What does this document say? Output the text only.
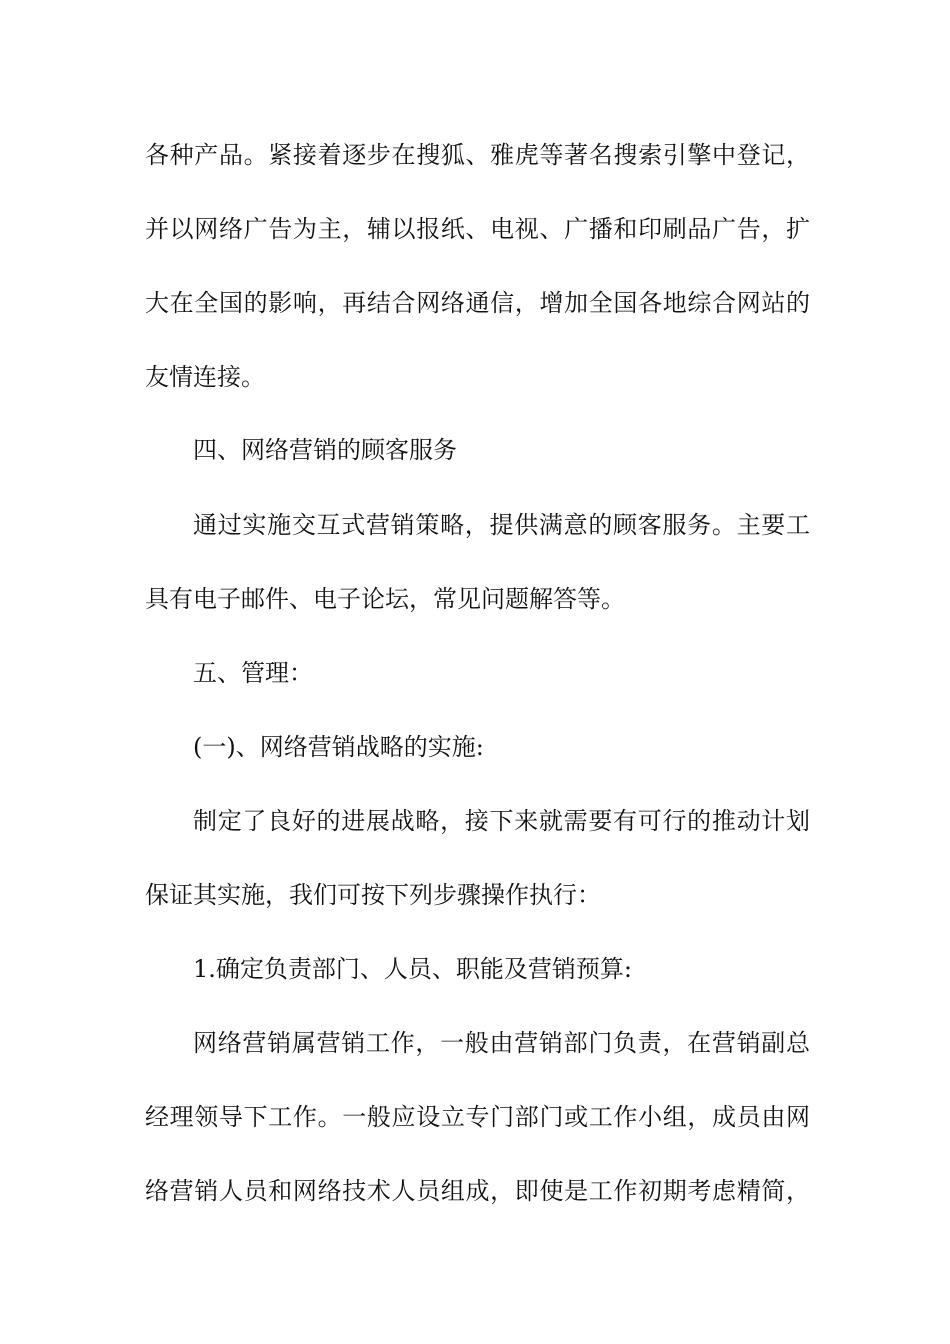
各种产品。紧接着逐步在搜狐、雅虎等著名搜索引擎中登记，
并以网络广告为主，辅以报纸、电视、广播和印刷品广告，扩
大在全国的影响，再结合网络通信，增加全国各地综合网站的
友情连接。
四、网络营销的顾客服务
通过实施交互式营销策略，提供满意的顾客服务。主要工
具有电子邮件、电子论坛，常见问题解答等。
五、管理：
(一)、网络营销战略的实施:
制定了良好的进展战略，接下来就需要有可行的推动计划
保证其实施，我们可按下列步骤操作执行：
1.确定负责部门、人员、职能及营销预算:
网络营销属营销工作，一般由营销部门负责，在营销副总
经理领导下工作。一般应设立专门部门或工作小组，成员由网
络营销人员和网络技术人员组成，即使是工作初期考虑精简，
